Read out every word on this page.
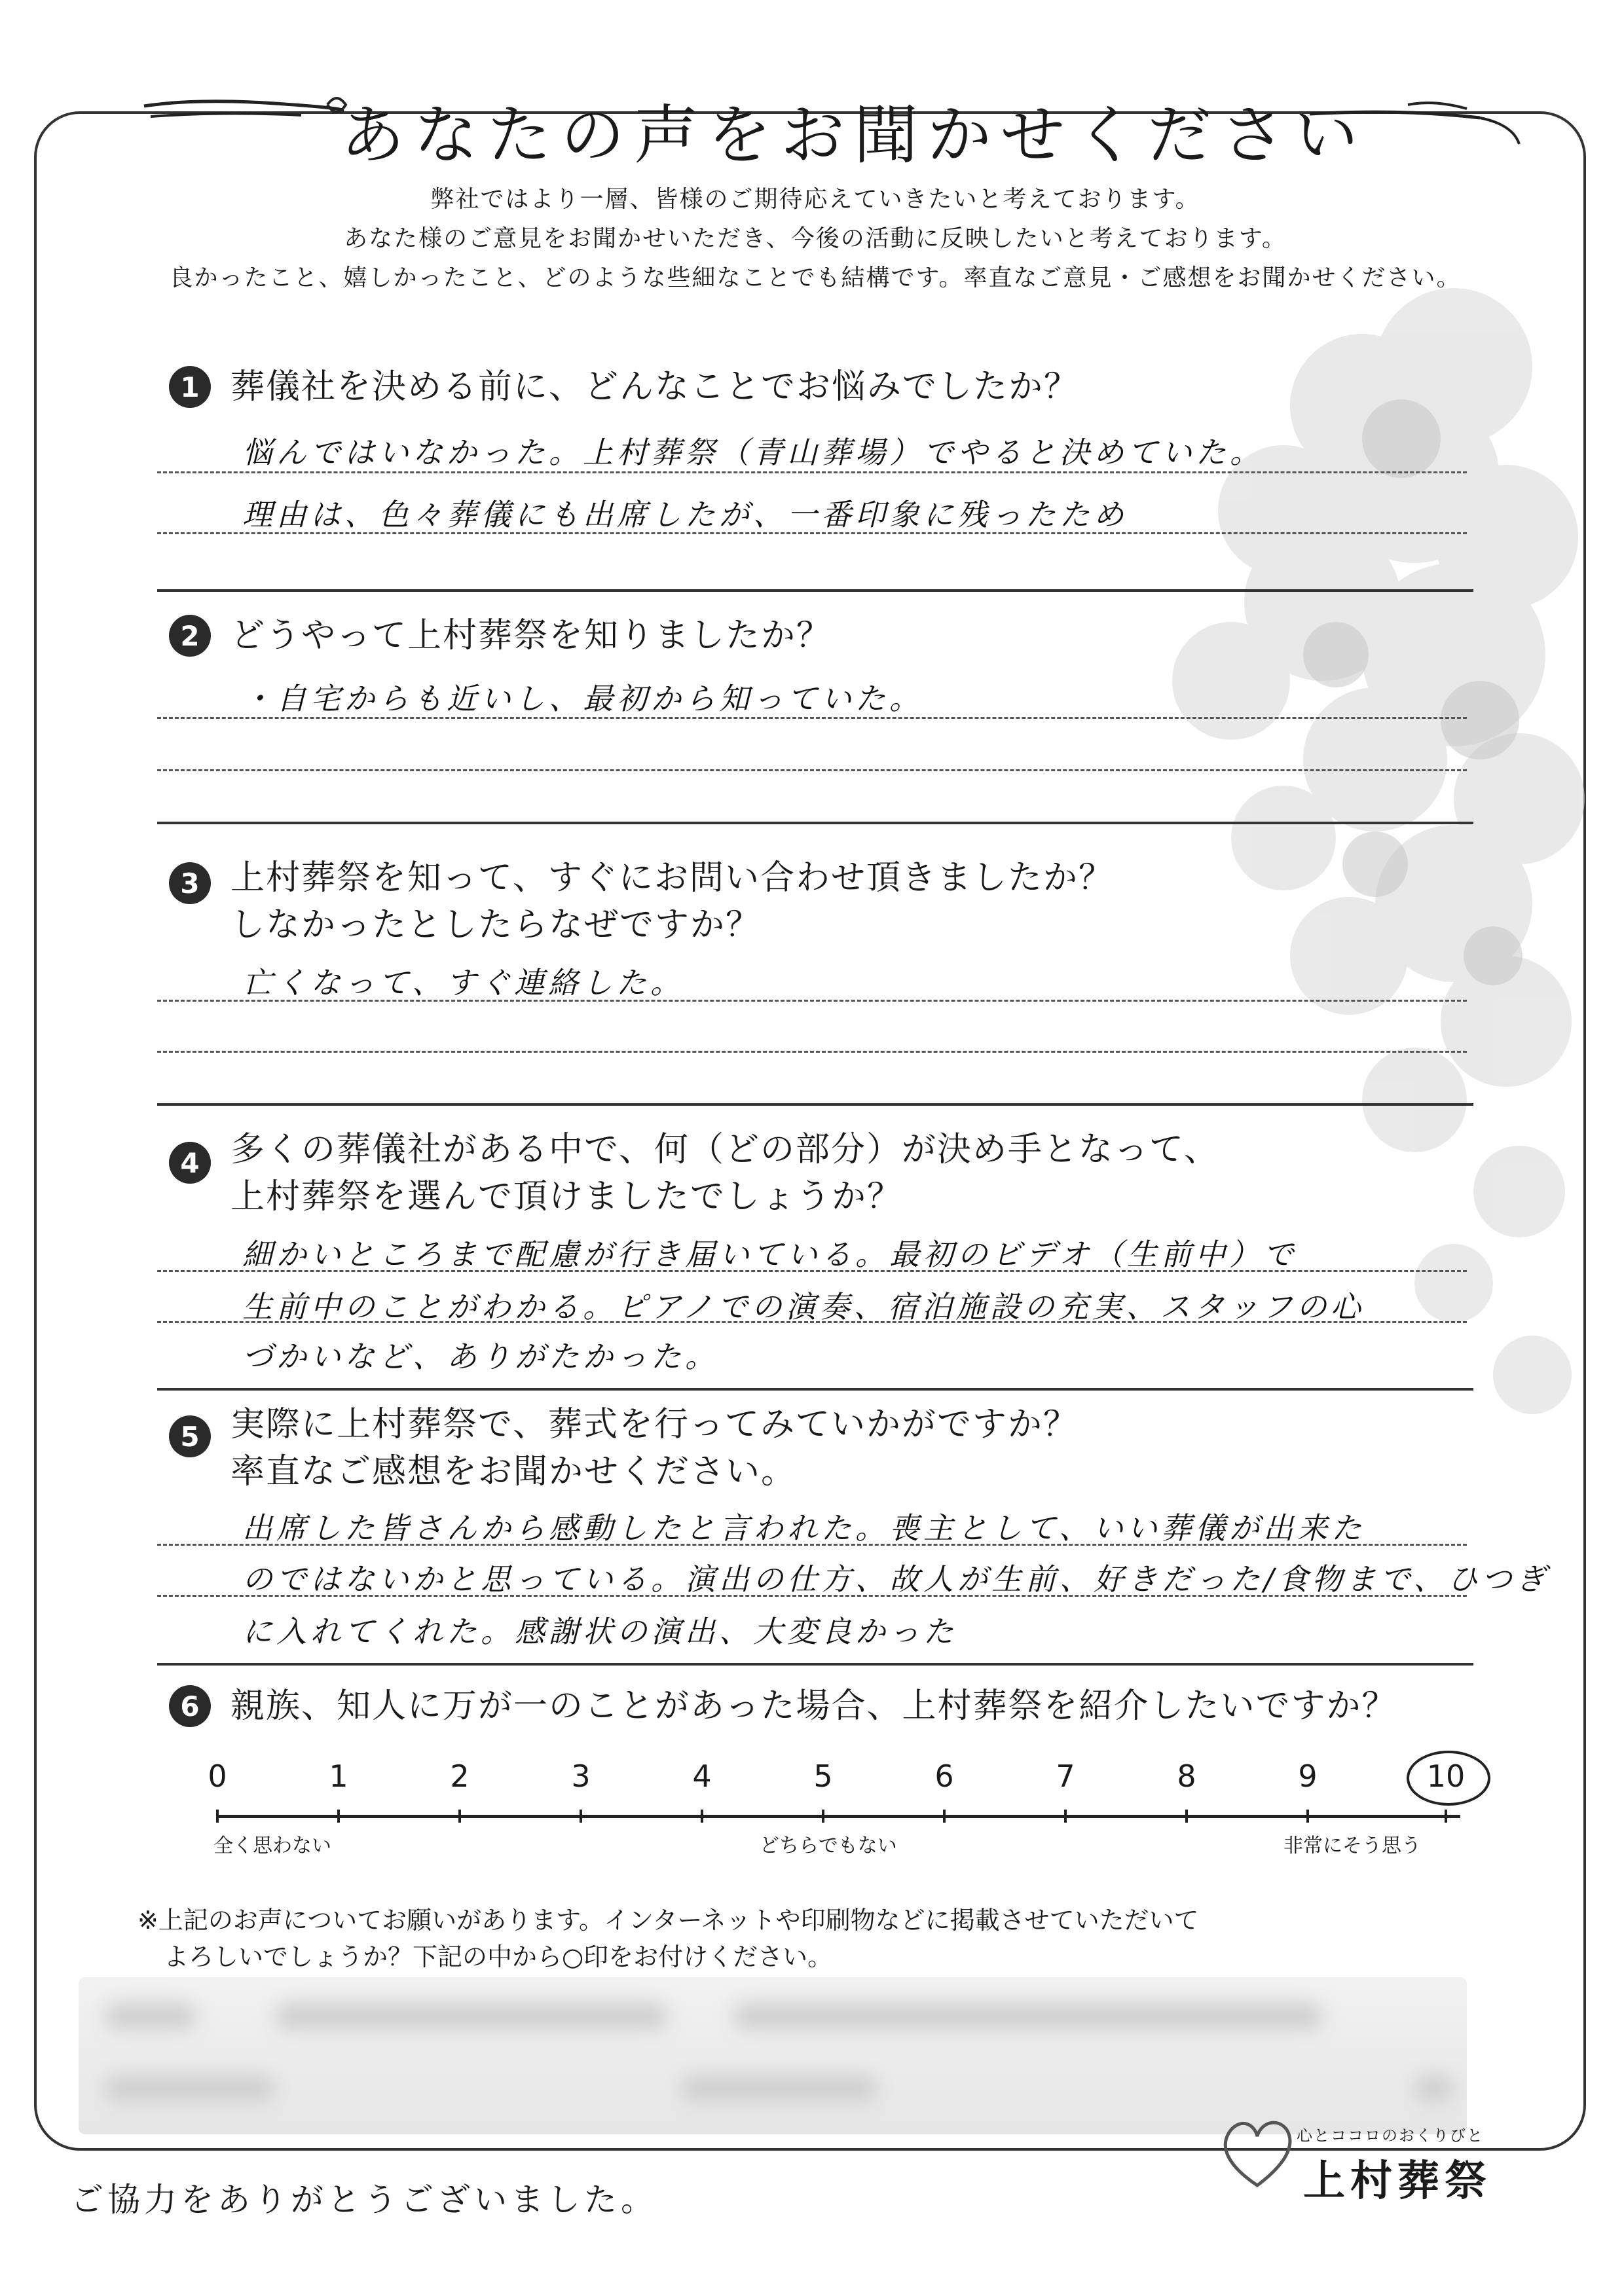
あなたの声をお聞かせください
弊社ではより一層、皆様のご期待応えていきたいと考えております。
あなた様のご意見をお聞かせいただき、今後の活動に反映したいと考えております。
良かったこと、嬉しかったこと、どのような些細なことでも結構です。率直なご意見・ご感想をお聞かせください。
1 葬儀社を決める前に、どんなことでお悩みでしたか？
悩んではいなかった。上村葬祭（青山葬場）でやると決めていた。
理由は、色々葬儀にも出席したが、一番印象に残ったため
2 どうやって上村葬祭を知りましたか？
・自宅からも近いし、最初から知っていた。
3 上村葬祭を知って、すぐにお問い合わせ頂きましたか？
しなかったとしたらなぜですか？
亡くなって、すぐ連絡した。
4 多くの葬儀社がある中で、何（どの部分）が決め手となって、
上村葬祭を選んで頂けましたでしょうか？
細かいところまで配慮が行き届いている。最初のビデオ（生前中）で
生前中のことがわかる。ピアノでの演奏、宿泊施設の充実、スタッフの心
づかいなど、ありがたかった。
5 実際に上村葬祭で、葬式を行ってみていかがですか？
率直なご感想をお聞かせください。
出席した皆さんから感動したと言われた。喪主として、いい葬儀が出来た
のではないかと思っている。演出の仕方、故人が生前、好きだった/食物まで、ひつぎ
に入れてくれた。感謝状の演出、大変良かった
6 親族、知人に万が一のことがあった場合、上村葬祭を紹介したいですか？
0	1	2	3	4	5	6	7	8	9	10
全く思わない	どちらでもない	非常にそう思う
※上記のお声についてお願いがあります。インターネットや印刷物などに掲載させていただいて
よろしいでしょうか？下記の中から○印をお付けください。
ご協力をありがとうございました。
心とココロのおくりびと
上村葬祭
